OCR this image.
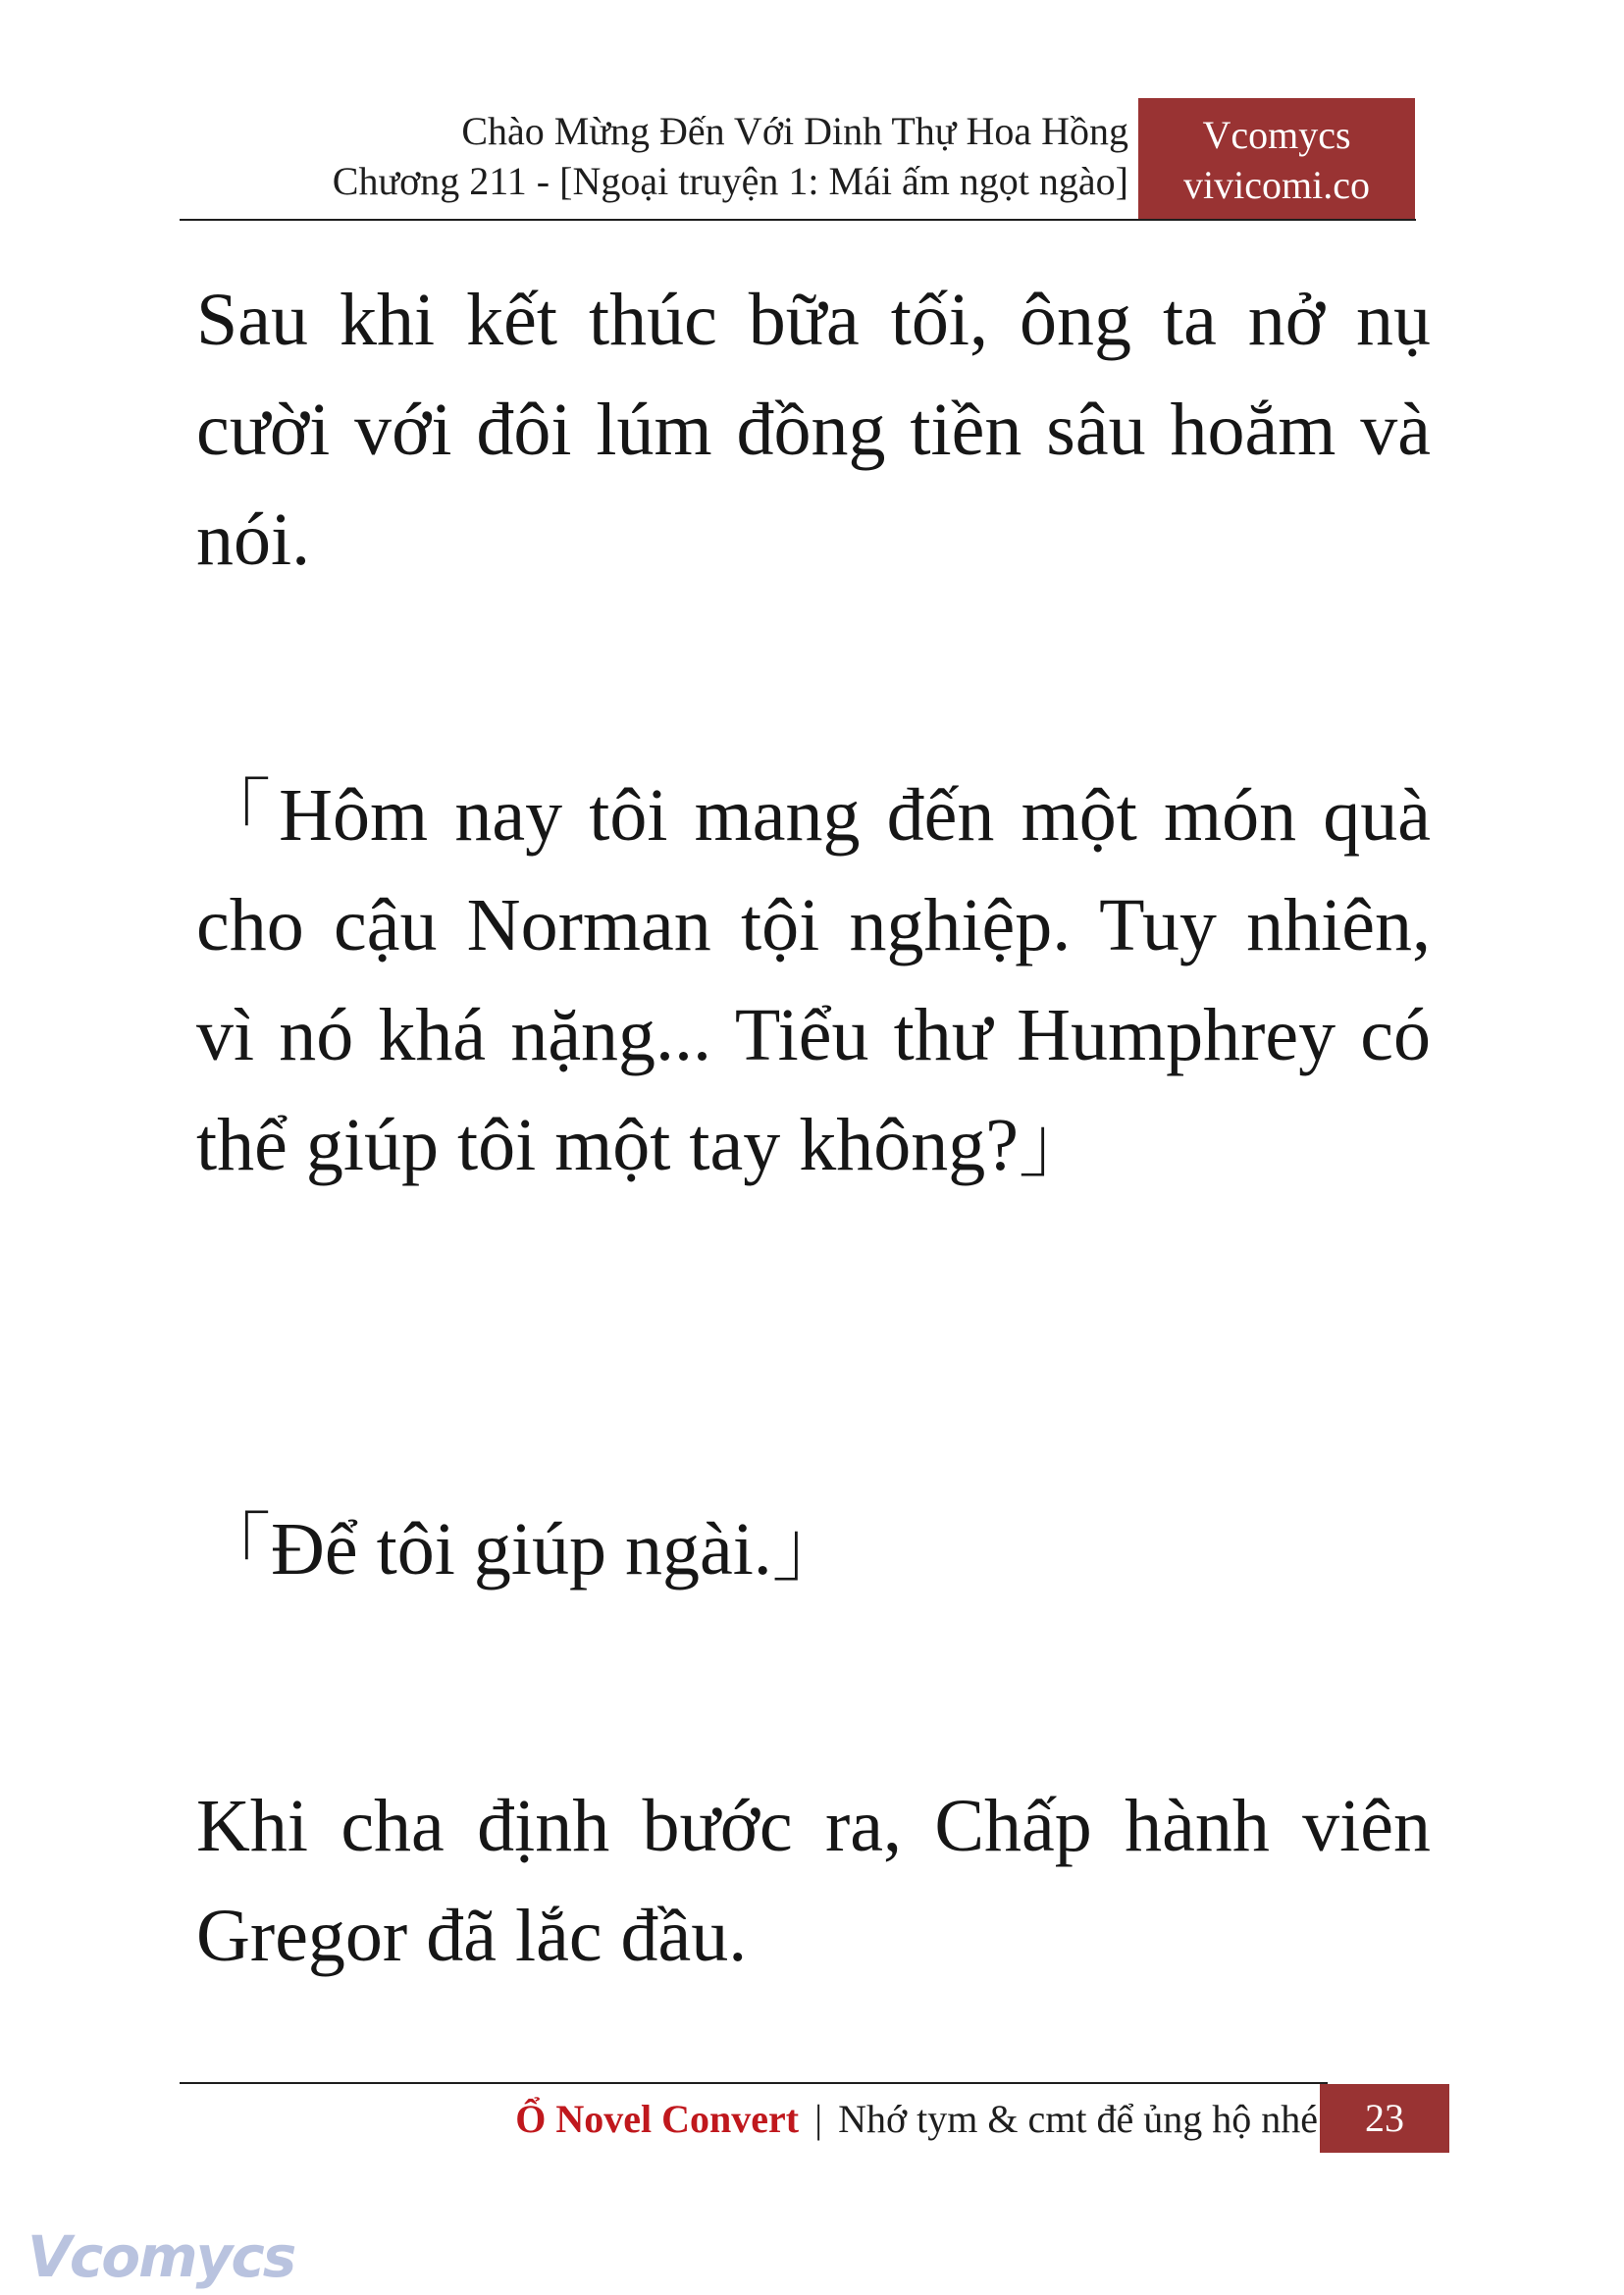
Chào Mừng Đến Với Dinh Thự Hoa Hồng
Chương 211 - [Ngoại truyện 1: Mái ấm ngọt ngào]
Vcomycs
vivicomi.co
Sau khi kết thúc bữa tối, ông ta nở nụ cười với đôi lúm đồng tiền sâu hoắm và nói.
「Hôm nay tôi mang đến một món quà cho cậu Norman tội nghiệp. Tuy nhiên, vì nó khá nặng... Tiểu thư Humphrey có thể giúp tôi một tay không?」
「Để tôi giúp ngài.」
Khi cha định bước ra, Chấp hành viên Gregor đã lắc đầu.
Ổ Novel Convert | Nhớ tym & cmt để ủng hộ nhé	23
Vcomycs
